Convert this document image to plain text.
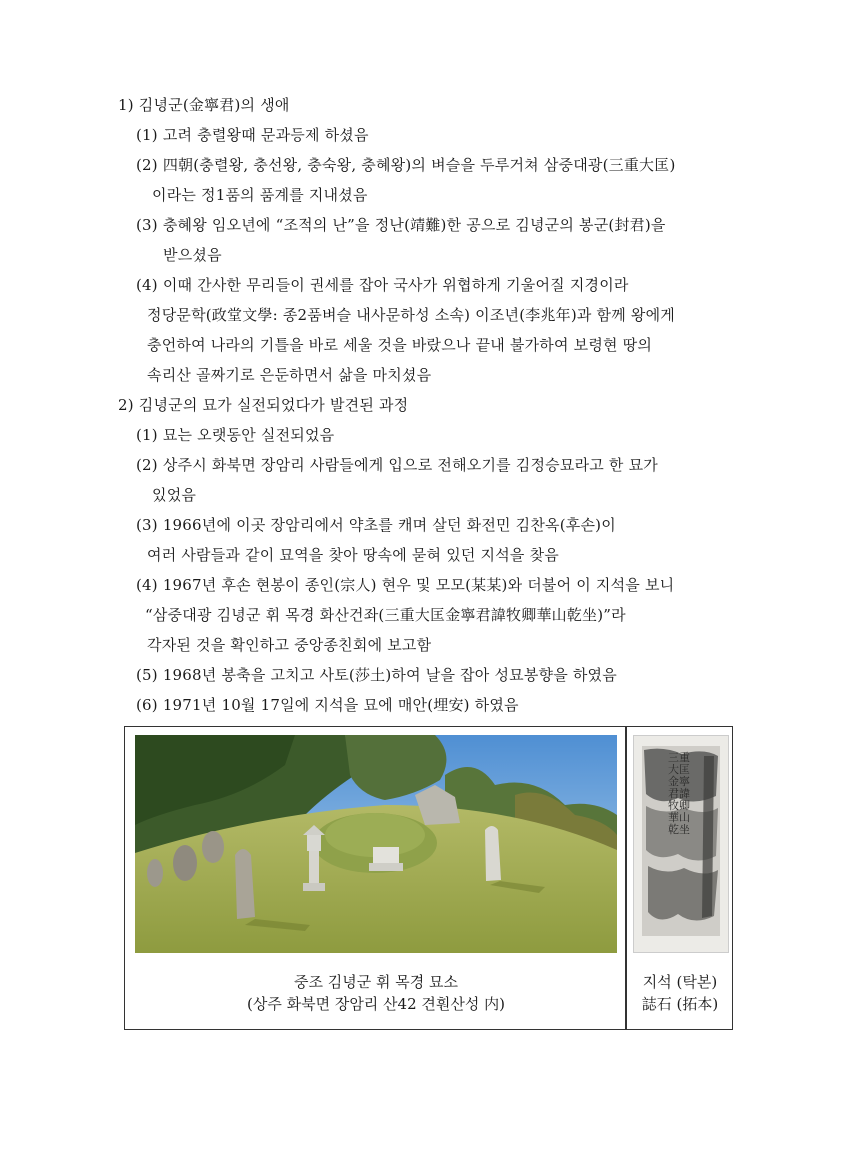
1) 김녕군(金寧君)의 생애
(1) 고려 충렬왕때 문과등제 하셨음
(2) 四朝(충렬왕, 충선왕, 충숙왕, 충혜왕)의 벼슬을 두루거쳐 삼중대광(三重大匡)
이라는 정1품의 품계를 지내셨음
(3) 충혜왕 임오년에 “조적의 난”을 정난(靖難)한 공으로 김녕군의 봉군(封君)을
받으셨음
(4) 이때 간사한 무리들이 권세를 잡아 국사가 위협하게 기울어질 지경이라
정당문학(政堂文學: 종2품벼슬 내사문하성 소속) 이조년(李兆年)과 함께 왕에게
충언하여 나라의 기틀을 바로 세울 것을 바랐으나 끝내 불가하여 보령현 땅의
속리산 골짜기로 은둔하면서 삶을 마치셨음
2) 김녕군의 묘가 실전되었다가 발견된 과정
(1) 묘는 오랫동안 실전되었음
(2) 상주시 화북면 장암리 사람들에게 입으로 전해오기를 김정승묘라고 한 묘가
있었음
(3) 1966년에 이곳 장암리에서 약초를 캐며 살던 화전민 김찬옥(후손)이
여러 사람들과 같이 묘역을 찾아 땅속에 묻혀 있던 지석을 찾음
(4) 1967년 후손 현봉이 종인(宗人) 현우 및 모모(某某)와 더불어 이 지석을 보니
“삼중대광 김녕군 휘 목경 화산건좌(三重大匡金寧君諱牧卿華山乾坐)”라
각자된 것을 확인하고 중앙종친회에 보고함
(5) 1968년 봉축을 고치고 사토(莎土)하여 날을 잡아 성묘봉향을 하였음
(6) 1971년 10월 17일에 지석을 묘에 매안(埋安) 하였음
三重大匡金寧君諱牧卿華山乾坐
중조 김녕군 휘 목경 묘소
(상주 화북면 장암리 산42 견훤산성 内)
지석 (탁본)
誌石 (拓本)
